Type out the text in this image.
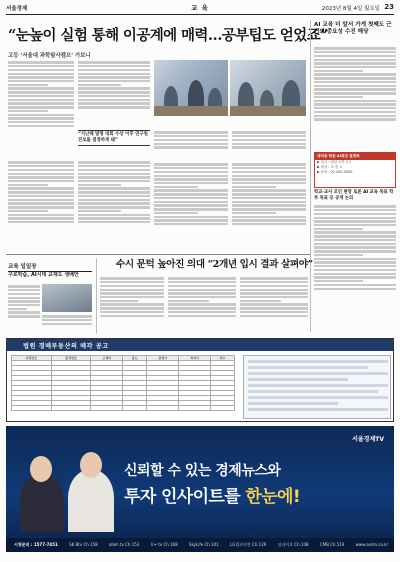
서울경제	교 육	2023년 8월 4일 월요일 23
“눈높이 실험 통해 이공계에 매력…공부팁도 얻었죠”
고등 ‘서울대 과학탐사캠프’ 가보니
“지난해 발명 대회 수상 이후 연구원 진로를 결정하게 돼”
AI 교육 더 앞서 가게 첫째도 근거의 중요성 수진 해당
대치동 학원 AI특강 설명회
▶ 일시 : 매일 오후 2시
▶ 대상 : 초·중·고
▶ 문의 : 02-000-0000
학교·교사 모인 현장 토론 AI 교육 목표 학부 목표 등 공개 논의
교육 일일장
구로학습, AI시대 교재도 생배만
수시 문턱 높아진 의대 “2개년 입시 결과 살펴야”
법원 경매부동산의 매각 공고
사건번호	물건번호	소재지	용도	감정가	최저가	비고

서울경제TV
신뢰할 수 있는 경제뉴스와
투자 인사이트를 한눈에!
시청문의 : 1577-7451	SK Btv Ch.158	olleh tv Ch.153	U+ tv Ch.168	SkyLife Ch.101	LG헬로비전 Ch.129	딜라이브 Ch.108	CMB Ch.519	www.sentv.co.kr
